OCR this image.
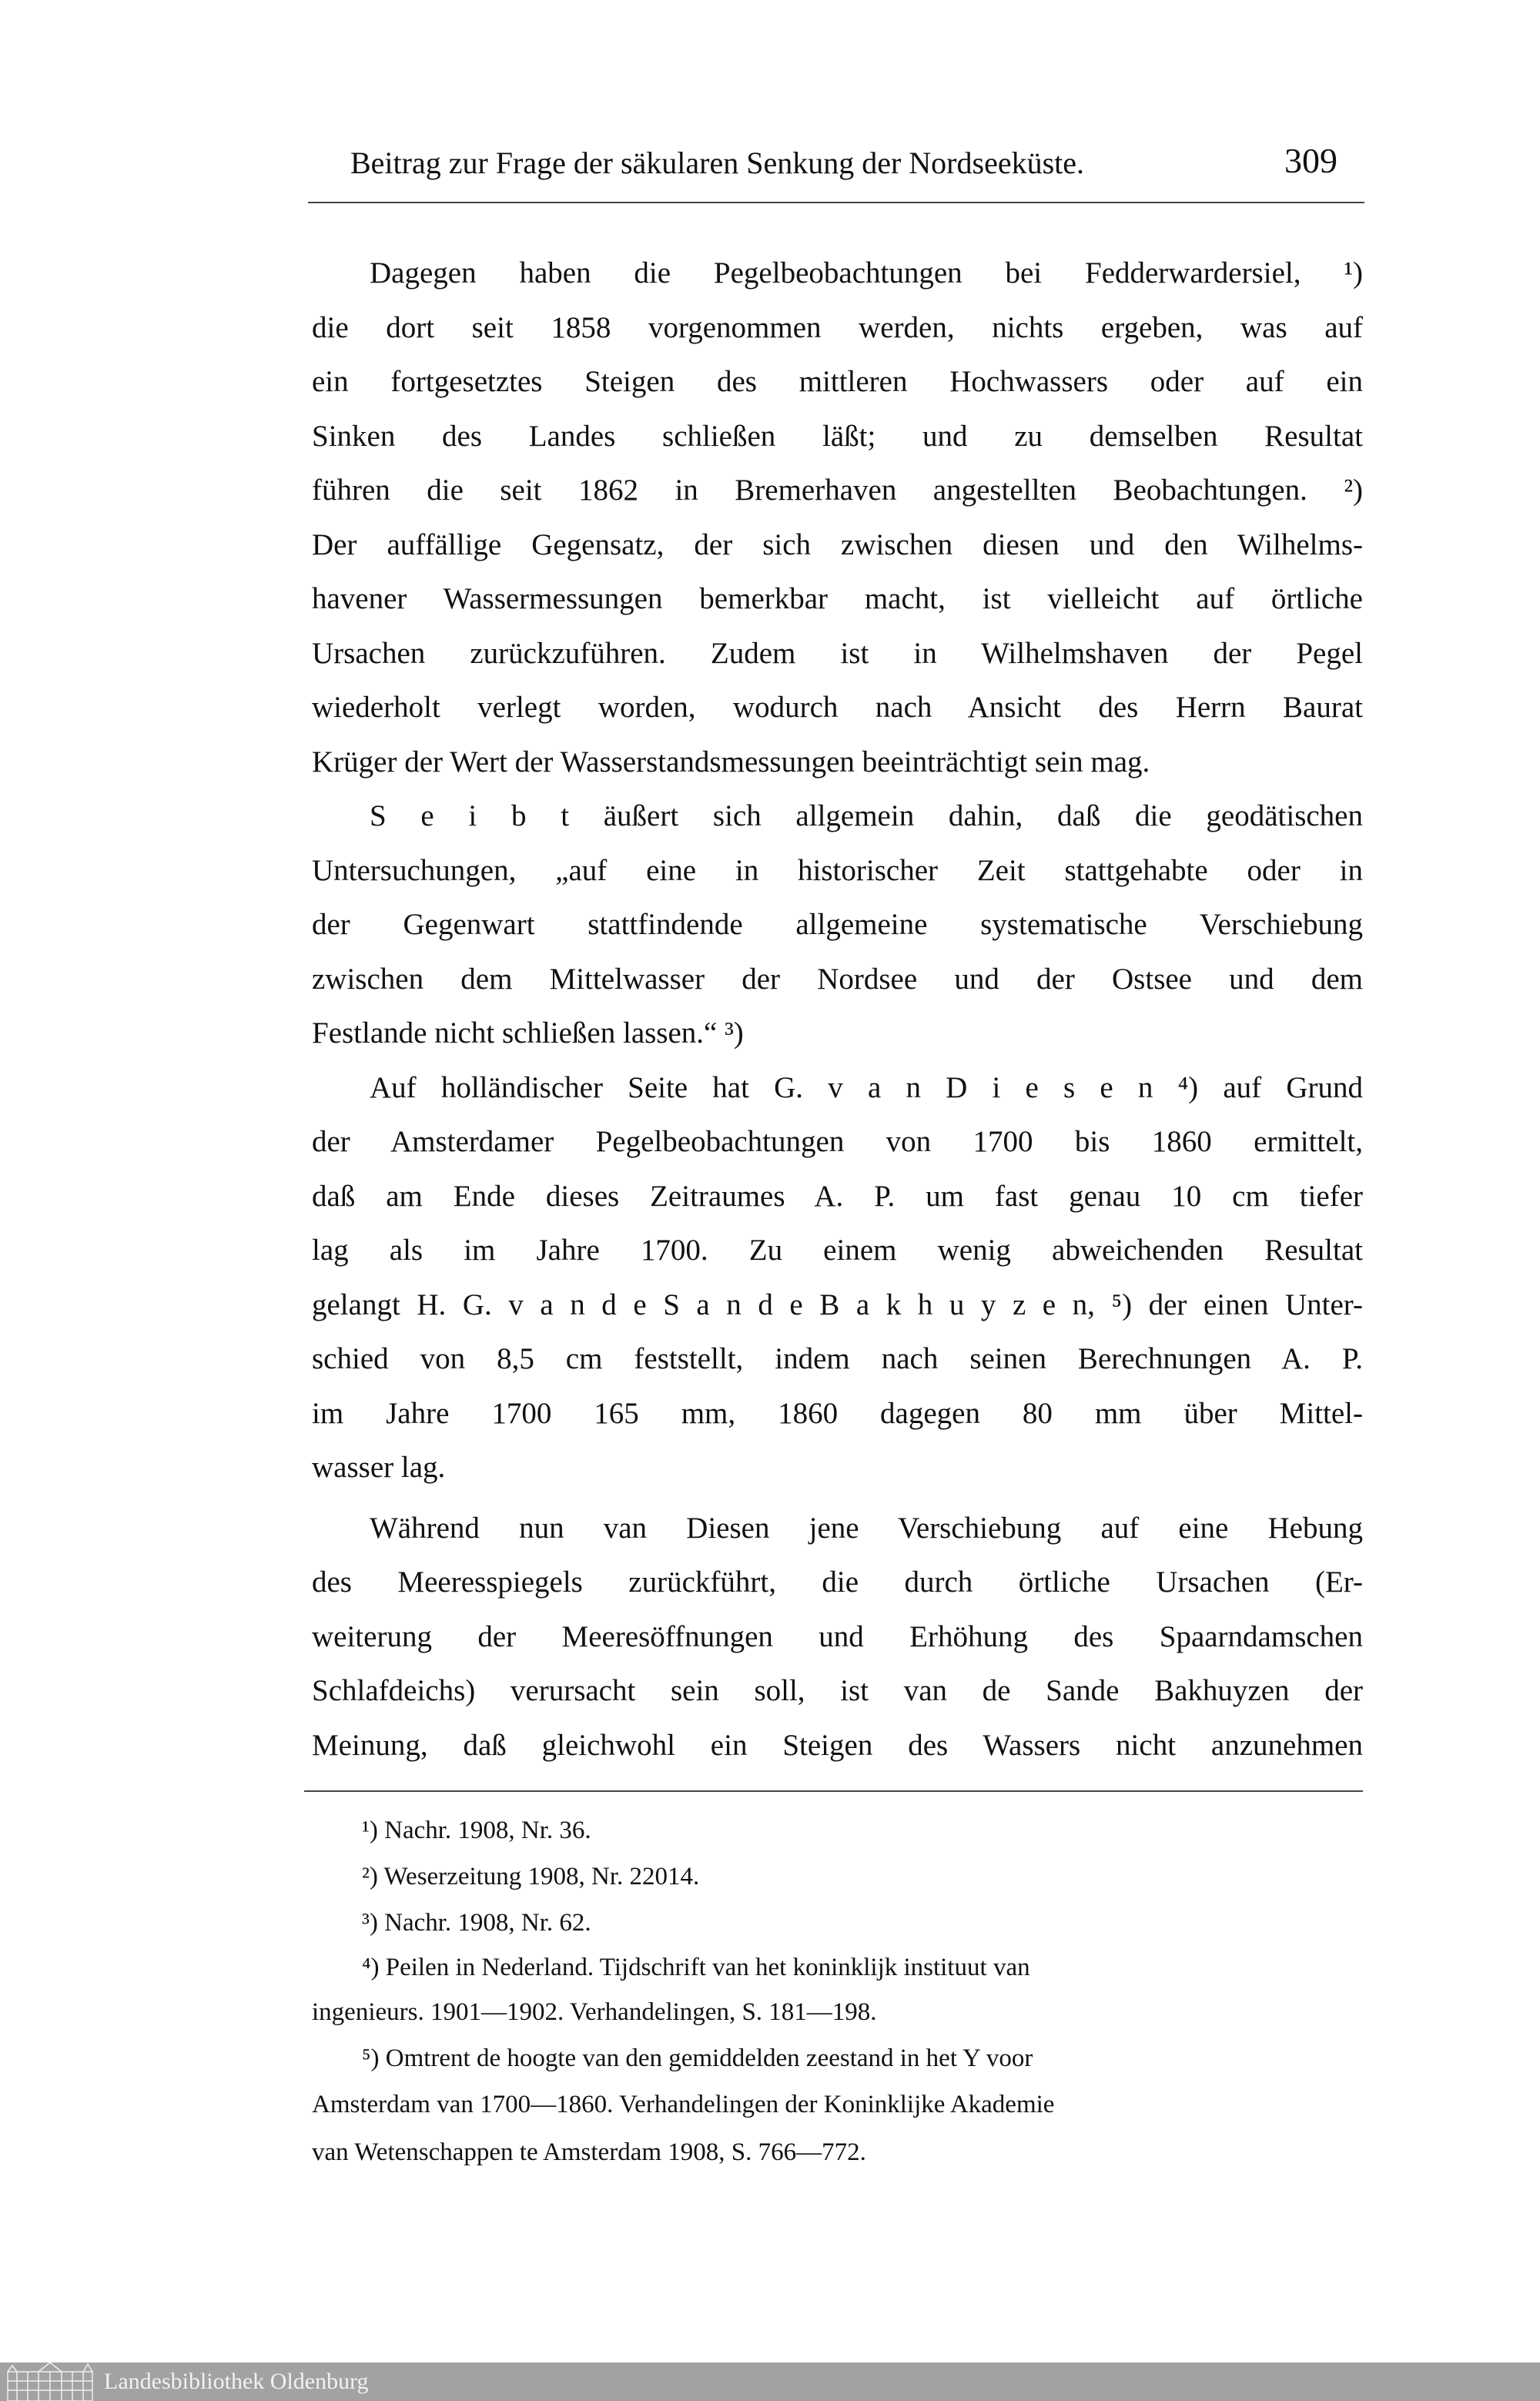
Beitrag zur Frage der säkularen Senkung der Nordseeküste.	309
Dagegen haben die Pegelbeobachtungen bei Fedderwardersiel, ¹)
die dort seit 1858 vorgenommen werden, nichts ergeben, was auf
ein fortgesetztes Steigen des mittleren Hochwassers oder auf ein
Sinken des Landes schließen läßt; und zu demselben Resultat
führen die seit 1862 in Bremerhaven angestellten Beobachtungen. ²)
Der auffällige Gegensatz, der sich zwischen diesen und den Wilhelms-
havener Wassermessungen bemerkbar macht, ist vielleicht auf örtliche
Ursachen zurückzuführen. Zudem ist in Wilhelmshaven der Pegel
wiederholt verlegt worden, wodurch nach Ansicht des Herrn Baurat
Krüger der Wert der Wasserstandsmessungen beeinträchtigt sein mag.
S e i b t äußert sich allgemein dahin, daß die geodätischen
Untersuchungen, „auf eine in historischer Zeit stattgehabte oder in
der Gegenwart stattfindende allgemeine systematische Verschiebung
zwischen dem Mittelwasser der Nordsee und der Ostsee und dem
Festlande nicht schließen lassen.“ ³)
Auf holländischer Seite hat G. v a n D i e s e n ⁴) auf Grund
der Amsterdamer Pegelbeobachtungen von 1700 bis 1860 ermittelt,
daß am Ende dieses Zeitraumes A. P. um fast genau 10 cm tiefer
lag als im Jahre 1700. Zu einem wenig abweichenden Resultat
gelangt H. G. v a n d e S a n d e B a k h u y z e n, ⁵) der einen Unter-
schied von 8,5 cm feststellt, indem nach seinen Berechnungen A. P.
im Jahre 1700 165 mm, 1860 dagegen 80 mm über Mittel-
wasser lag.
Während nun van Diesen jene Verschiebung auf eine Hebung
des Meeresspiegels zurückführt, die durch örtliche Ursachen (Er-
weiterung der Meeresöffnungen und Erhöhung des Spaarndamschen
Schlafdeichs) verursacht sein soll, ist van de Sande Bakhuyzen der
Meinung, daß gleichwohl ein Steigen des Wassers nicht anzunehmen
¹) Nachr. 1908, Nr. 36.
²) Weserzeitung 1908, Nr. 22014.
³) Nachr. 1908, Nr. 62.
⁴) Peilen in Nederland. Tijdschrift van het koninklijk instituut van
ingenieurs. 1901—1902. Verhandelingen, S. 181—198.
⁵) Omtrent de hoogte van den gemiddelden zeestand in het Y voor
Amsterdam van 1700—1860. Verhandelingen der Koninklijke Akademie
van Wetenschappen te Amsterdam 1908, S. 766—772.
Landesbibliothek Oldenburg
